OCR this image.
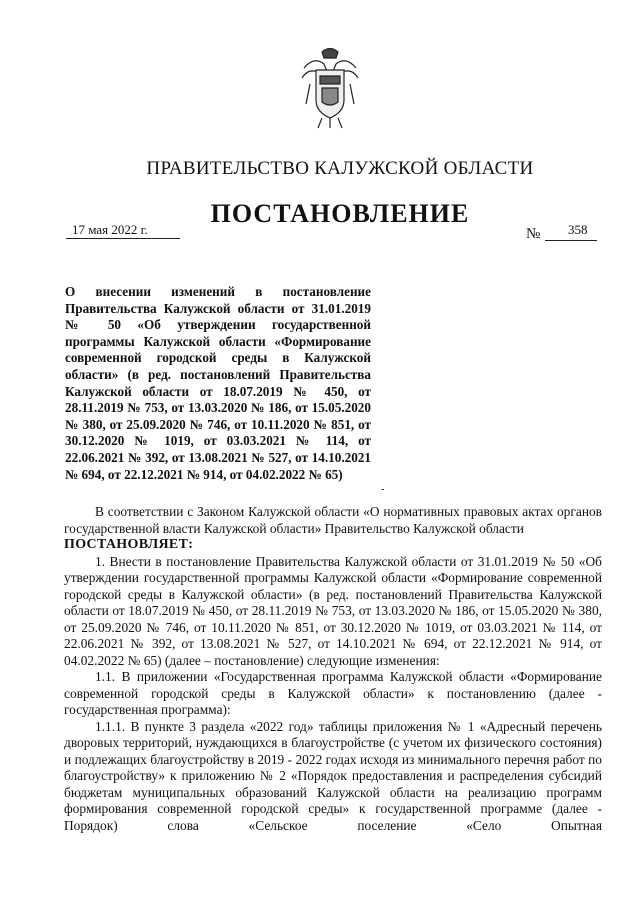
ПРАВИТЕЛЬСТВО КАЛУЖСКОЙ ОБЛАСТИ
ПОСТАНОВЛЕНИЕ
17 мая 2022 г.	№ 358
О внесении изменений в постановление Правительства Калужской области от 31.01.2019 № 50 «Об утверждении государственной программы Калужской области «Формирование современной городской среды в Калужской области» (в ред. постановлений Правительства Калужской области от 18.07.2019 № 450, от 28.11.2019 № 753, от 13.03.2020 № 186, от 15.05.2020 № 380, от 25.09.2020 № 746, от 10.11.2020 № 851, от 30.12.2020 № 1019, от 03.03.2021 № 114, от 22.06.2021 № 392, от 13.08.2021 № 527, от 14.10.2021 № 694, от 22.12.2021 № 914, от 04.02.2022 № 65)
-

В соответствии с Законом Калужской области «О нормативных правовых актах органов государственной власти Калужской области» Правительство Калужской области

ПОСТАНОВЛЯЕТ:

1. Внести в постановление Правительства Калужской области от 31.01.2019 № 50 «Об утверждении государственной программы Калужской области «Формирование современной городской среды в Калужской области» (в ред. постановлений Правительства Калужской области от 18.07.2019 № 450, от 28.11.2019 № 753, от 13.03.2020 № 186, от 15.05.2020 № 380, от 25.09.2020 № 746, от 10.11.2020 № 851, от 30.12.2020 № 1019, от 03.03.2021 № 114, от 22.06.2021 № 392, от 13.08.2021 № 527, от 14.10.2021 № 694, от 22.12.2021 № 914, от 04.02.2022 № 65) (далее – постановление) следующие изменения:

1.1. В приложении «Государственная программа Калужской области «Формирование современной городской среды в Калужской области» к постановлению (далее - государственная программа):

1.1.1. В пункте 3 раздела «2022 год» таблицы приложения № 1 «Адресный перечень дворовых территорий, нуждающихся в благоустройстве (с учетом их физического состояния) и подлежащих благоустройству в 2019 - 2022 годах исходя из минимального перечня работ по благоустройству» к приложению № 2 «Порядок предоставления и распределения субсидий бюджетам муниципальных образований Калужской области на реализацию программ формирования современной городской среды» к государственной программе (далее - Порядок) слова «Сельское поселение «Село Опытная
